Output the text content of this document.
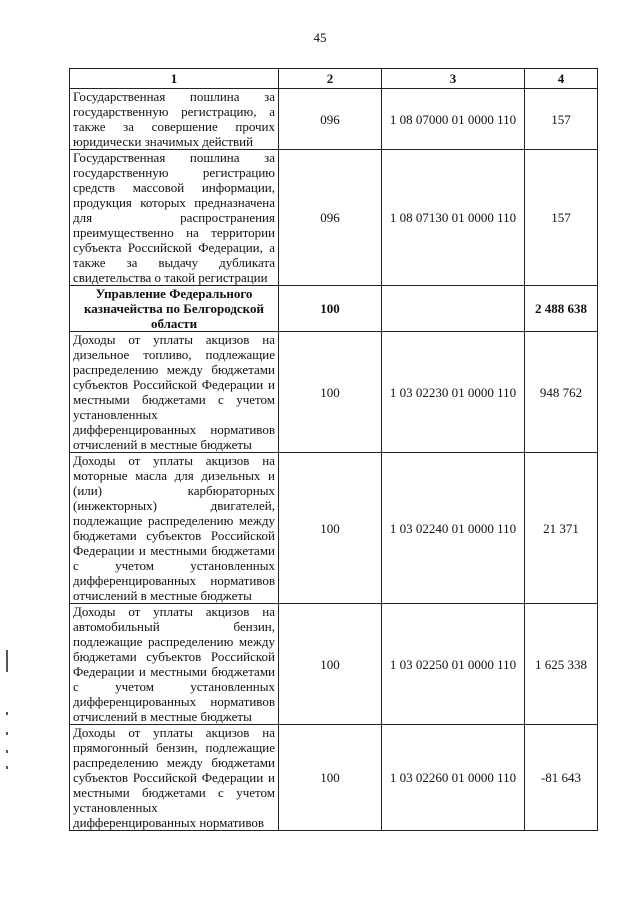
45
1	2	3	4
Государственная пошлина за государственную регистрацию, а также за совершение прочих юридически значимых действий	096	1 08 07000 01 0000 110	157
Государственная пошлина за государственную регистрацию средств массовой информации, продукция которых предназначена для распространения преимущественно на территории субъекта Российской Федерации, а также за выдачу дубликата свидетельства о такой регистрации	096	1 08 07130 01 0000 110	157
Управление Федерального казначейства по Белгородской области	100		2 488 638
Доходы от уплаты акцизов на дизельное топливо, подлежащие распределению между бюджетами субъектов Российской Федерации и местными бюджетами с учетом установленных дифференцированных нормативов отчислений в местные бюджеты	100	1 03 02230 01 0000 110	948 762
Доходы от уплаты акцизов на моторные масла для дизельных и (или) карбюраторных (инжекторных) двигателей, подлежащие распределению между бюджетами субъектов Российской Федерации и местными бюджетами с учетом установленных дифференцированных нормативов отчислений в местные бюджеты	100	1 03 02240 01 0000 110	21 371
Доходы от уплаты акцизов на автомобильный бензин, подлежащие распределению между бюджетами субъектов Российской Федерации и местными бюджетами с учетом установленных дифференцированных нормативов отчислений в местные бюджеты	100	1 03 02250 01 0000 110	1 625 338
Доходы от уплаты акцизов на прямогонный бензин, подлежащие распределению между бюджетами субъектов Российской Федерации и местными бюджетами с учетом установленных дифференцированных нормативов	100	1 03 02260 01 0000 110	-81 643
